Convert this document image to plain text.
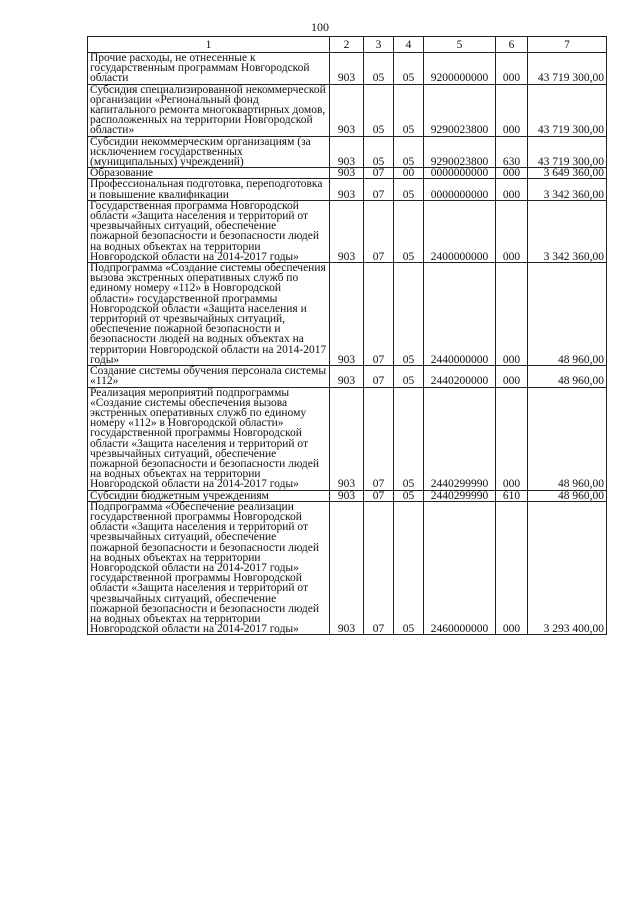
100
1	2	3	4	5	6	7
Прочие расходы, не отнесенные к государственным программам Новгородской области	903	05	05	9200000000	000	43 719 300,00
Субсидия специализированной некоммерческой организации «Региональный фонд капитального ремонта многоквартирных домов, расположенных на территории Новгородской области»	903	05	05	9290023800	000	43 719 300,00
Субсидии некоммерческим организациям (за исключением государственных (муниципальных) учреждений)	903	05	05	9290023800	630	43 719 300,00
Образование	903	07	00	0000000000	000	3 649 360,00
Профессиональная подготовка, переподготовка и повышение квалификации	903	07	05	0000000000	000	3 342 360,00
Государственная программа Новгородской области «Защита населения и территорий от чрезвычайных ситуаций, обеспечение пожарной безопасности и безопасности людей на водных объектах на территории Новгородской области на 2014-2017 годы»	903	07	05	2400000000	000	3 342 360,00
Подпрограмма «Создание системы обеспечения вызова экстренных оперативных служб по единому номеру «112» в Новгородской области» государственной программы Новгородской области «Защита населения и территорий от чрезвычайных ситуаций, обеспечение пожарной безопасности и безопасности людей на водных объектах на территории Новгородской области на 2014-2017 годы»	903	07	05	2440000000	000	48 960,00
Создание системы обучения персонала системы «112»	903	07	05	2440200000	000	48 960,00
Реализация мероприятий подпрограммы «Создание системы обеспечения вызова экстренных оперативных служб по единому номеру «112» в Новгородской области» государственной программы Новгородской области «Защита населения и территорий от чрезвычайных ситуаций, обеспечение пожарной безопасности и безопасности людей на водных объектах на территории Новгородской области на 2014-2017 годы»	903	07	05	2440299990	000	48 960,00
Субсидии бюджетным учреждениям	903	07	05	2440299990	610	48 960,00
Подпрограмма «Обеспечение реализации государственной программы Новгородской области «Защита населения и территорий от чрезвычайных ситуаций, обеспечение пожарной безопасности и безопасности людей на водных объектах на территории Новгородской области на 2014-2017 годы» государственной программы Новгородской области «Защита населения и территорий от чрезвычайных ситуаций, обеспечение пожарной безопасности и безопасности людей на водных объектах на территории Новгородской области на 2014-2017 годы»	903	07	05	2460000000	000	3 293 400,00
